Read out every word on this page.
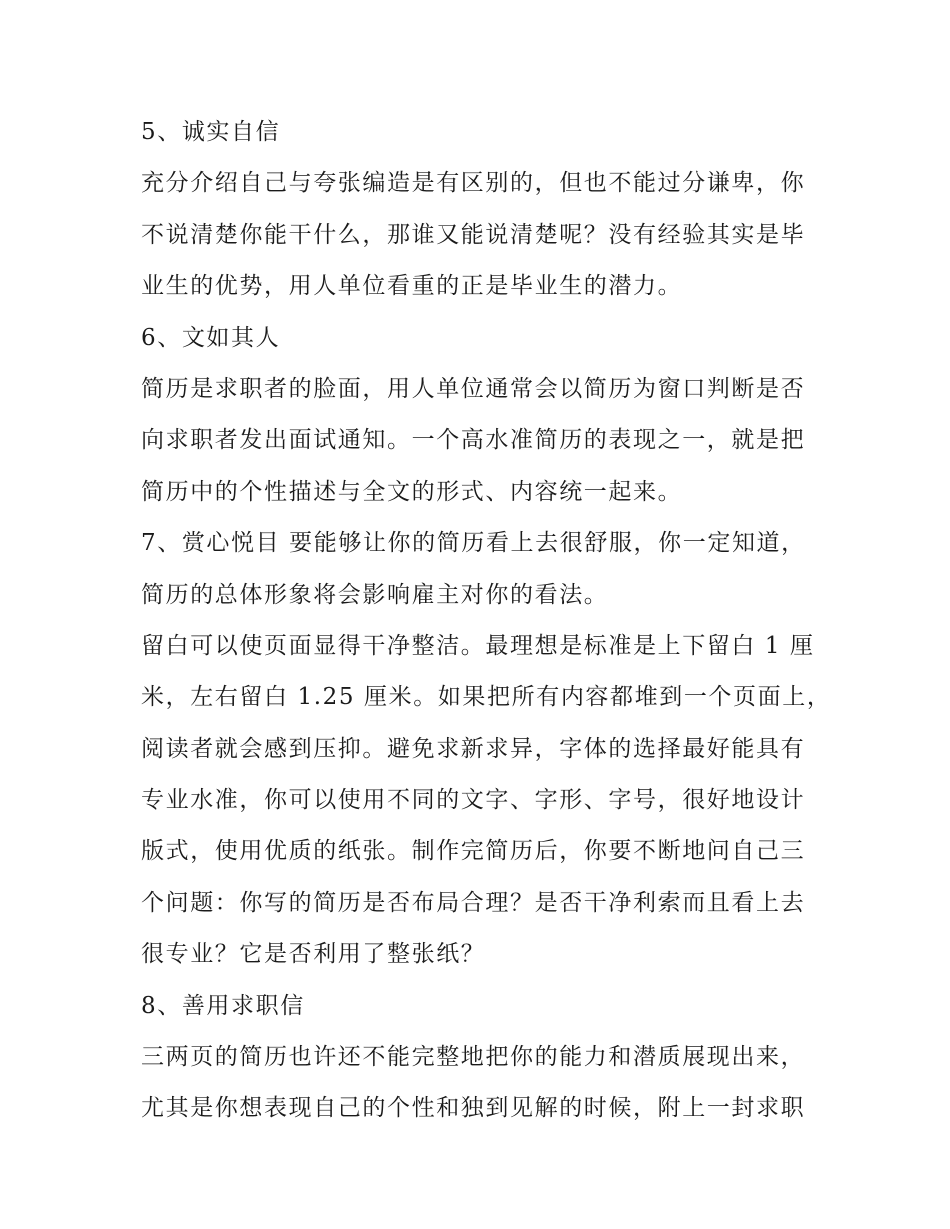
5、诚实自信
充分介绍自己与夸张编造是有区别的，但也不能过分谦卑，你
不说清楚你能干什么，那谁又能说清楚呢？没有经验其实是毕
业生的优势，用人单位看重的正是毕业生的潜力。
6、文如其人
简历是求职者的脸面，用人单位通常会以简历为窗口判断是否
向求职者发出面试通知。一个高水准简历的表现之一，就是把
简历中的个性描述与全文的形式、内容统一起来。
7、赏心悦目 要能够让你的简历看上去很舒服，你一定知道，
简历的总体形象将会影响雇主对你的看法。
留白可以使页面显得干净整洁。最理想是标准是上下留白 1 厘
米，左右留白 1.25 厘米。如果把所有内容都堆到一个页面上，
阅读者就会感到压抑。避免求新求异，字体的选择最好能具有
专业水准，你可以使用不同的文字、字形、字号，很好地设计
版式，使用优质的纸张。制作完简历后，你要不断地问自己三
个问题：你写的简历是否布局合理？是否干净利索而且看上去
很专业？它是否利用了整张纸？
8、善用求职信
三两页的简历也许还不能完整地把你的能力和潜质展现出来，
尤其是你想表现自己的个性和独到见解的时候，附上一封求职
